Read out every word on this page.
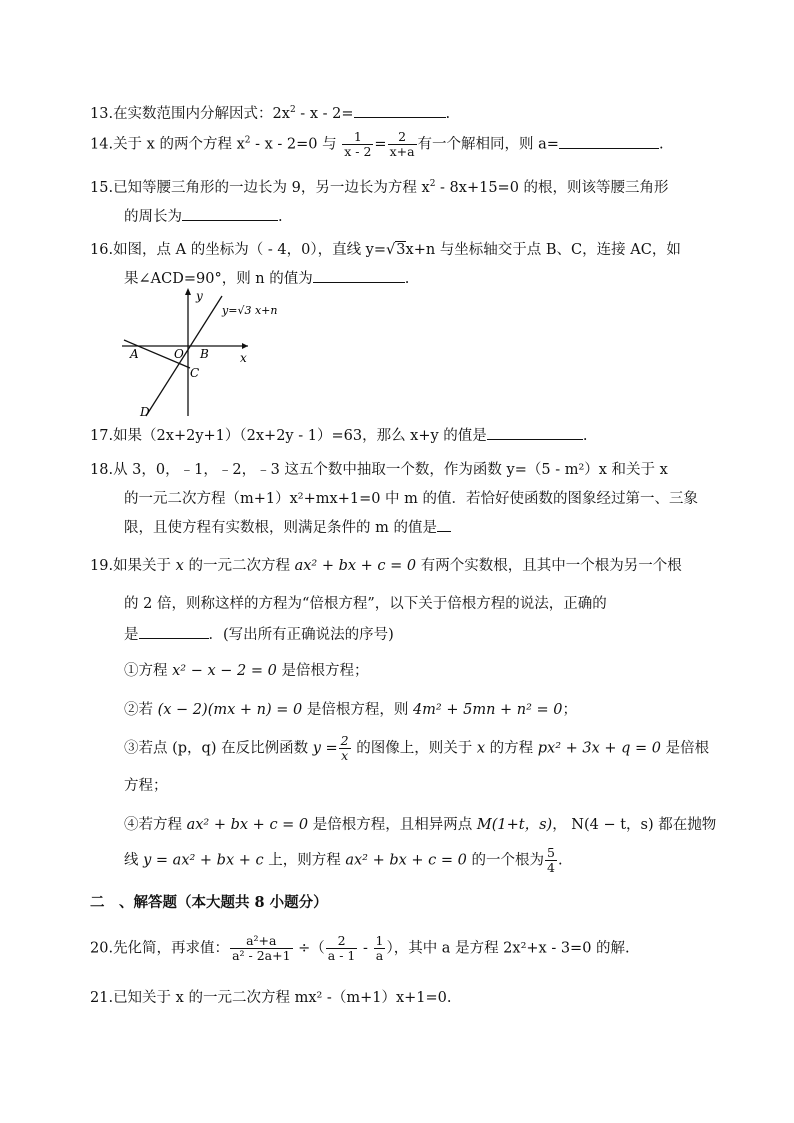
13.在实数范围内分解因式：$2x^2 - x - 2=$	.
14.关于 x 的两个方程 $x^2 - x - 2=0$ 与 $\frac{1}{x - 2} = \frac{2}{x+a}$ 有一个解相同，则 a=	.
15.已知等腰三角形的一边长为 9，另一边长为方程 $x^2 - 8x+15=0$ 的根，则该等腰三角形
的周长为	.
16.如图，点 A 的坐标为（ - 4，0），直线 y=√3x+n 与坐标轴交于点 B、C，连接 AC，如
果∠ACD=90°，则 n 的值为	.
y
x
y=√3 x+n
A	O B
C
D
17.如果（2x+2y+1）（2x+2y - 1）=63，那么 x+y 的值是	.
18.从 3，0，﹣1，﹣2，﹣3 这五个数中抽取一个数，作为函数 y=（5 - m²）x 和关于 x
的一元二次方程（m+1）x²+mx+1=0 中 m 的值．若恰好使函数的图象经过第一、三象
限，且使方程有实数根，则满足条件的 m 的值是
19.如果关于 x 的一元二次方程 ax² + bx + c = 0 有两个实数根，且其中一个根为另一个根
的 2 倍，则称这样的方程为“倍根方程”，以下关于倍根方程的说法，正确的
是	．(写出所有正确说法的序号)
①方程 x² − x − 2 = 0 是倍根方程；
②若 (x − 2)(mx + n) = 0 是倍根方程，则 4m² + 5mn + n² = 0；
③若点 (p，q) 在反比例函数 $y = \frac{2}{x}$ 的图像上，则关于 x 的方程 px² + 3x + q = 0 是倍根
方程；
④若方程 ax² + bx + c = 0 是倍根方程，且相异两点 M(1+t，s)， N(4 − t，s) 都在抛物
线 y = ax² + bx + c 上，则方程 ax² + bx + c = 0 的一个根为 $\frac{5}{4}$ .
二　、解答题（本大题共 8 小题分）
20.先化简，再求值： $\frac{\text{a²+a}}{\text{a² - 2a+1}}$ ÷（ $\frac{2}{a - 1} - \frac{1}{a}$ ），其中 a 是方程 2x²+x - 3=0 的解.
21.已知关于 x 的一元二次方程 mx² -（m+1）x+1=0.
